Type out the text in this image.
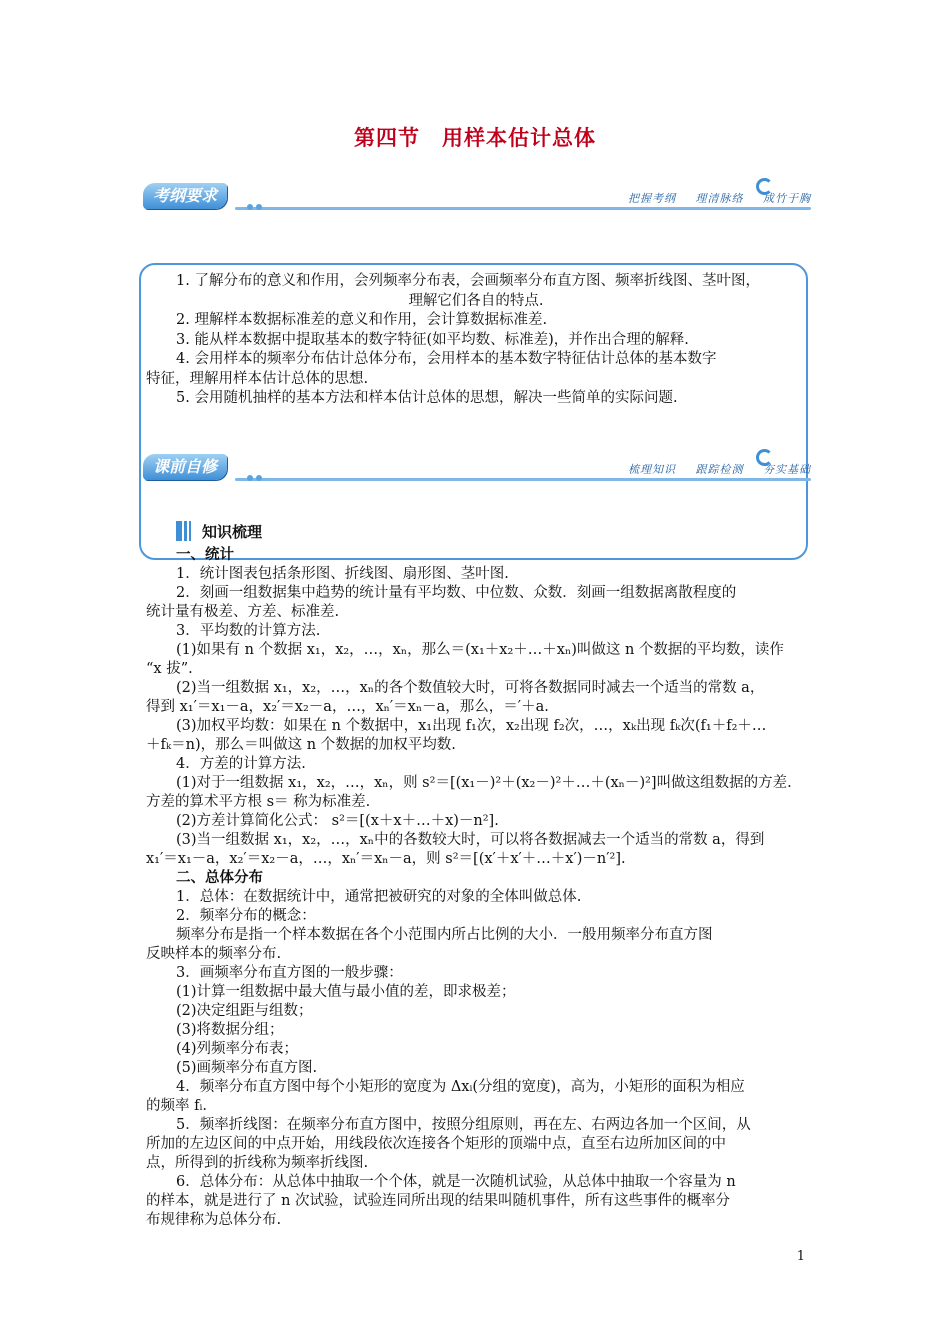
第四节　用样本估计总体
考纲要求	把握考纲 理清脉络 成竹于胸

1. 了解分布的意义和作用，会列频率分布表，会画频率分布直方图、频率折线图、茎叶图，

理解它们各自的特点.

2. 理解样本数据标准差的意义和作用，会计算数据标准差.

3. 能从样本数据中提取基本的数字特征(如平均数、标准差)，并作出合理的解释.

4. 会用样本的频率分布估计总体分布，会用样本的基本数字特征估计总体的基本数字

特征，理解用样本估计总体的思想.

5. 会用随机抽样的基本方法和样本估计总体的思想，解决一些简单的实际问题.

课前自修	梳理知识 跟踪检测 夯实基础
知识梳理

一、统计

1．统计图表包括条形图、折线图、扇形图、茎叶图.

2．刻画一组数据集中趋势的统计量有平均数、中位数、众数．刻画一组数据离散程度的

统计量有极差、方差、标准差.

3．平均数的计算方法.

(1)如果有 n 个数据 x₁，x₂，…，xₙ，那么＝(x₁＋x₂＋…＋xₙ)叫做这 n 个数据的平均数，读作

“x 拔”.

(2)当一组数据 x₁，x₂，…，xₙ的各个数值较大时，可将各数据同时减去一个适当的常数 a，

得到 x₁′＝x₁－a，x₂′＝x₂－a，…，xₙ′＝xₙ－a，那么，＝′＋a.

(3)加权平均数：如果在 n 个数据中，x₁出现 f₁次，x₂出现 f₂次，…，xₖ出现 fₖ次(f₁＋f₂＋…

＋fₖ＝n)，那么＝叫做这 n 个数据的加权平均数.

4．方差的计算方法.

(1)对于一组数据 x₁，x₂，…，xₙ，则 s²＝[(x₁－)²＋(x₂－)²＋…＋(xₙ－)²]叫做这组数据的方差.

方差的算术平方根 s＝ 称为标准差.

(2)方差计算简化公式： s²＝[(x＋x＋…＋x)－n²].

(3)当一组数据 x₁，x₂，…，xₙ中的各数较大时，可以将各数据减去一个适当的常数 a，得到

x₁′＝x₁－a，x₂′＝x₂－a，…，xₙ′＝xₙ－a，则 s²＝[(x′＋x′＋…＋x′)－n′²].

二、总体分布

1．总体：在数据统计中，通常把被研究的对象的全体叫做总体.

2．频率分布的概念：

频率分布是指一个样本数据在各个小范围内所占比例的大小．一般用频率分布直方图

反映样本的频率分布.

3．画频率分布直方图的一般步骤：

(1)计算一组数据中最大值与最小值的差，即求极差；

(2)决定组距与组数；

(3)将数据分组；

(4)列频率分布表；

(5)画频率分布直方图.

4．频率分布直方图中每个小矩形的宽度为 Δxᵢ(分组的宽度)，高为，小矩形的面积为相应

的频率 fᵢ.

5．频率折线图：在频率分布直方图中，按照分组原则，再在左、右两边各加一个区间，从

所加的左边区间的中点开始，用线段依次连接各个矩形的顶端中点，直至右边所加区间的中

点，所得到的折线称为频率折线图.

6．总体分布：从总体中抽取一个个体，就是一次随机试验，从总体中抽取一个容量为 n

的样本，就是进行了 n 次试验，试验连同所出现的结果叫随机事件，所有这些事件的概率分

布规律称为总体分布.

1
